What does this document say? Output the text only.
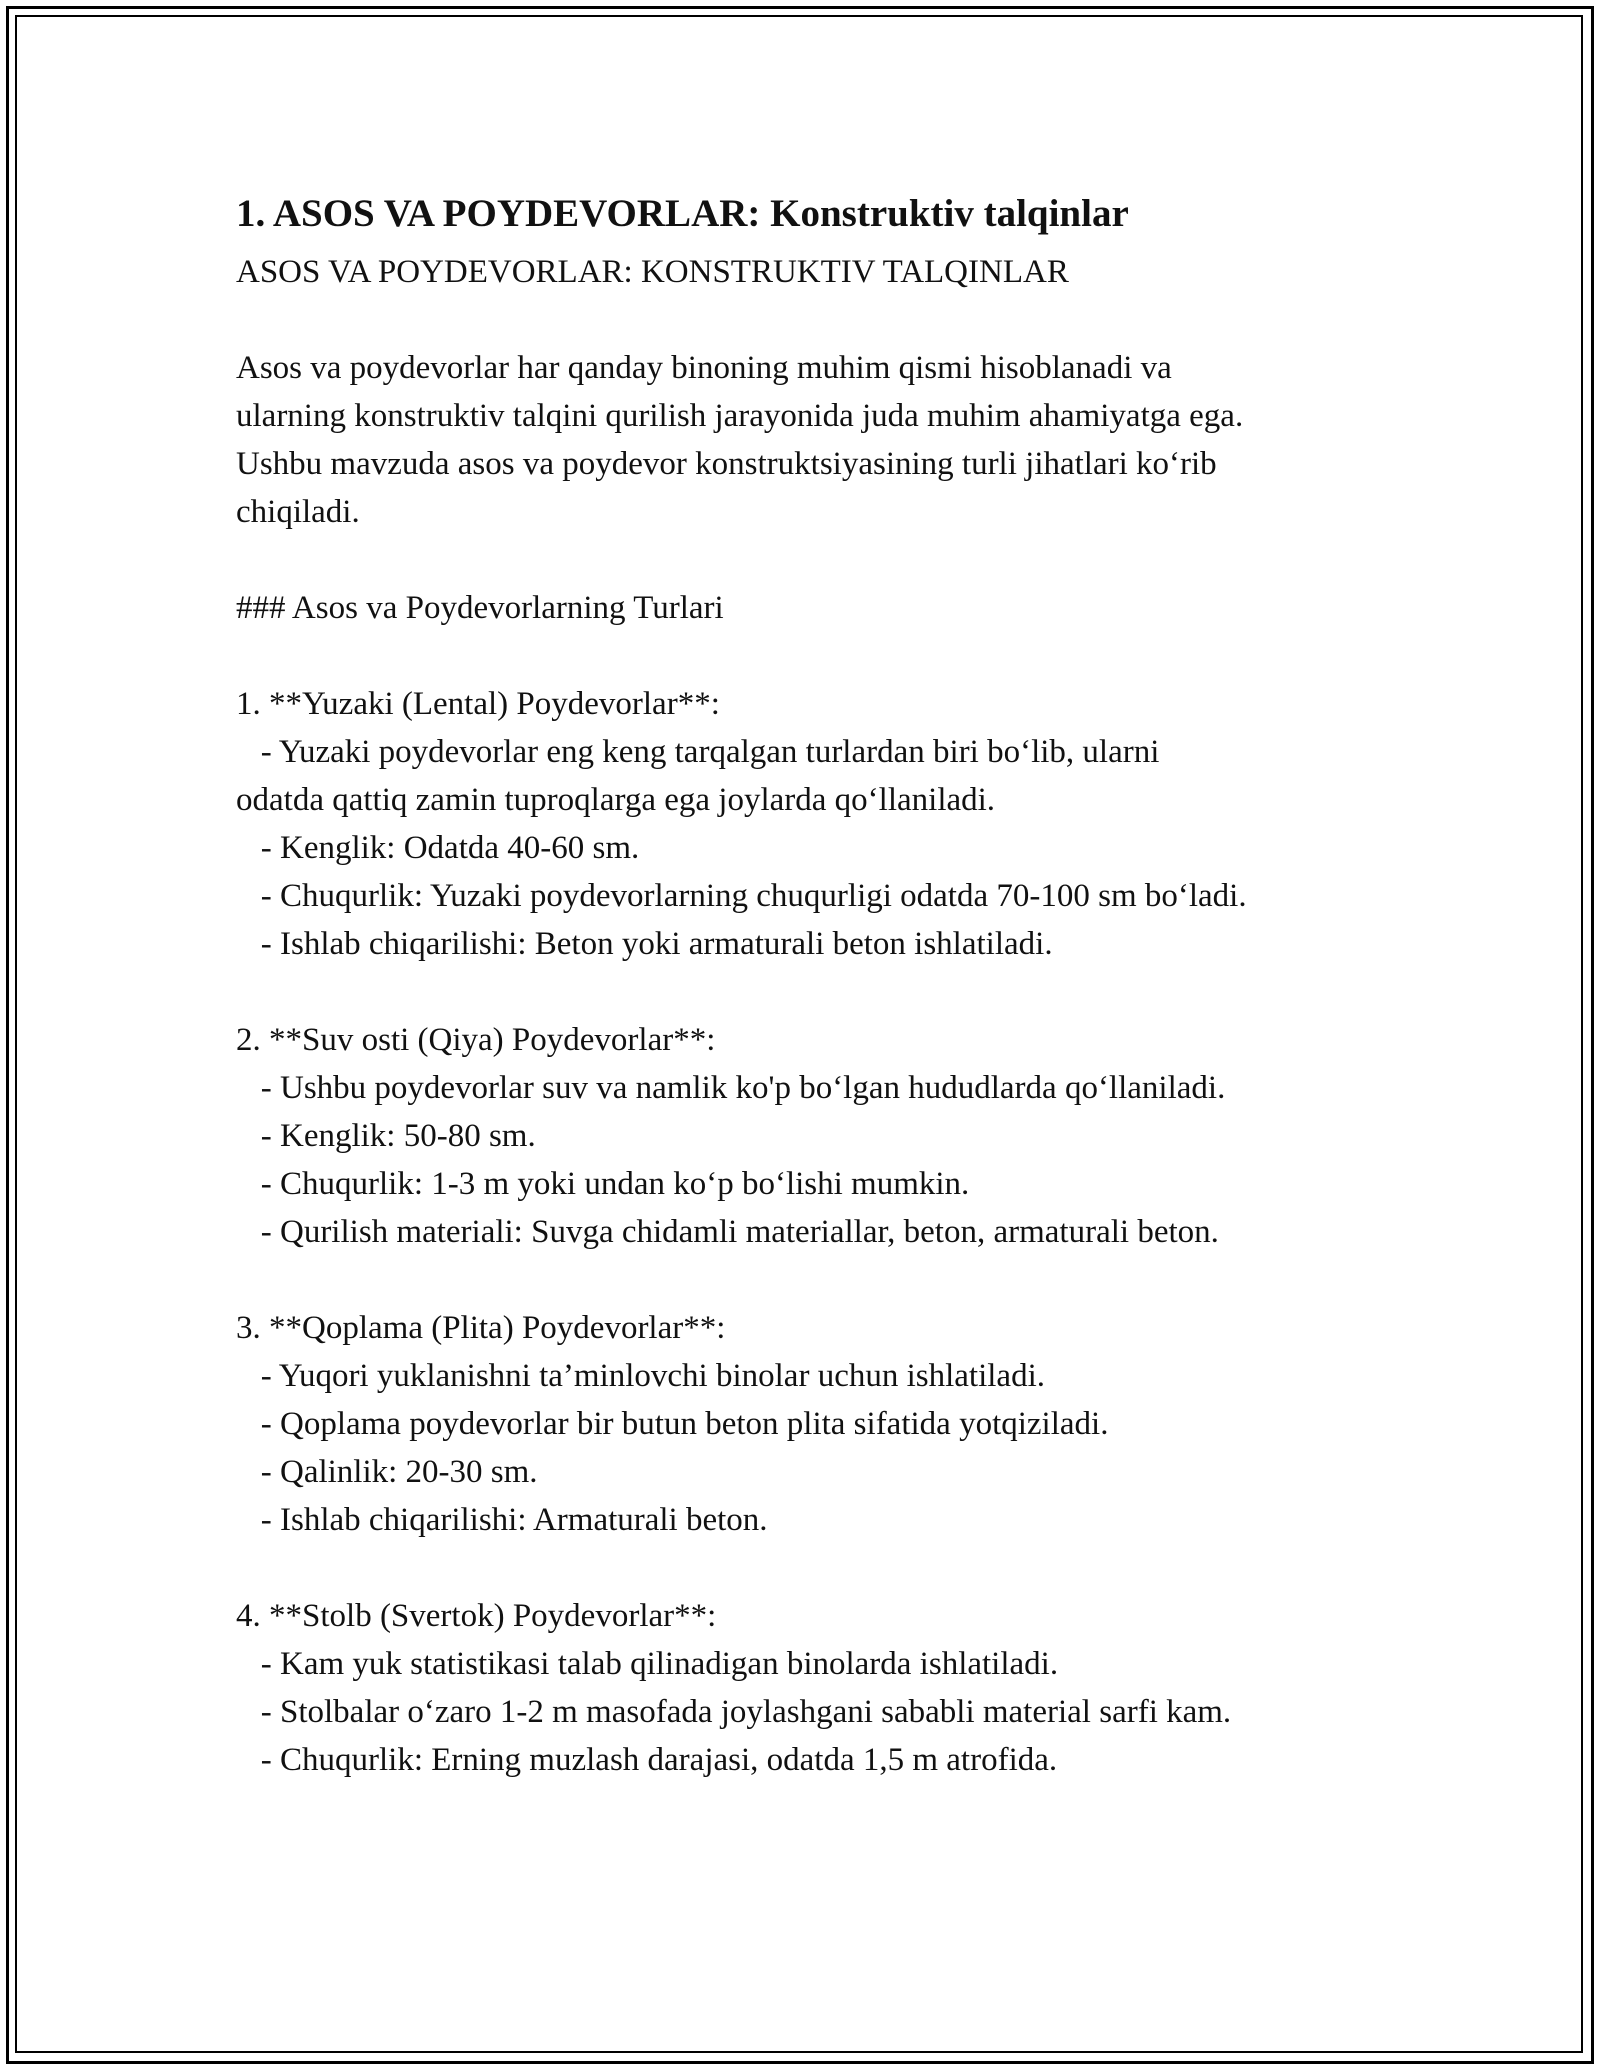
1. ASOS VA POYDEVORLAR: Konstruktiv talqinlar

ASOS VA POYDEVORLAR: KONSTRUKTIV TALQINLAR

Asos va poydevorlar har qanday binoning muhim qismi hisoblanadi va

ularning konstruktiv talqini qurilish jarayonida juda muhim ahamiyatga ega.

Ushbu mavzuda asos va poydevor konstruktsiyasining turli jihatlari ko‘rib

chiqiladi.

### Asos va Poydevorlarning Turlari

1. **Yuzaki (Lental) Poydevorlar**:

- Yuzaki poydevorlar eng keng tarqalgan turlardan biri bo‘lib, ularni

odatda qattiq zamin tuproqlarga ega joylarda qo‘llaniladi.

- Kenglik: Odatda 40-60 sm.

- Chuqurlik: Yuzaki poydevorlarning chuqurligi odatda 70-100 sm bo‘ladi.

- Ishlab chiqarilishi: Beton yoki armaturali beton ishlatiladi.

2. **Suv osti (Qiya) Poydevorlar**:

- Ushbu poydevorlar suv va namlik ko'p bo‘lgan hududlarda qo‘llaniladi.

- Kenglik: 50-80 sm.

- Chuqurlik: 1-3 m yoki undan ko‘p bo‘lishi mumkin.

- Qurilish materiali: Suvga chidamli materiallar, beton, armaturali beton.

3. **Qoplama (Plita) Poydevorlar**:

- Yuqori yuklanishni ta’minlovchi binolar uchun ishlatiladi.

- Qoplama poydevorlar bir butun beton plita sifatida yotqiziladi.

- Qalinlik: 20-30 sm.

- Ishlab chiqarilishi: Armaturali beton.

4. **Stolb (Svertok) Poydevorlar**:

- Kam yuk statistikasi talab qilinadigan binolarda ishlatiladi.

- Stolbalar o‘zaro 1-2 m masofada joylashgani sababli material sarfi kam.

- Chuqurlik: Erning muzlash darajasi, odatda 1,5 m atrofida.
